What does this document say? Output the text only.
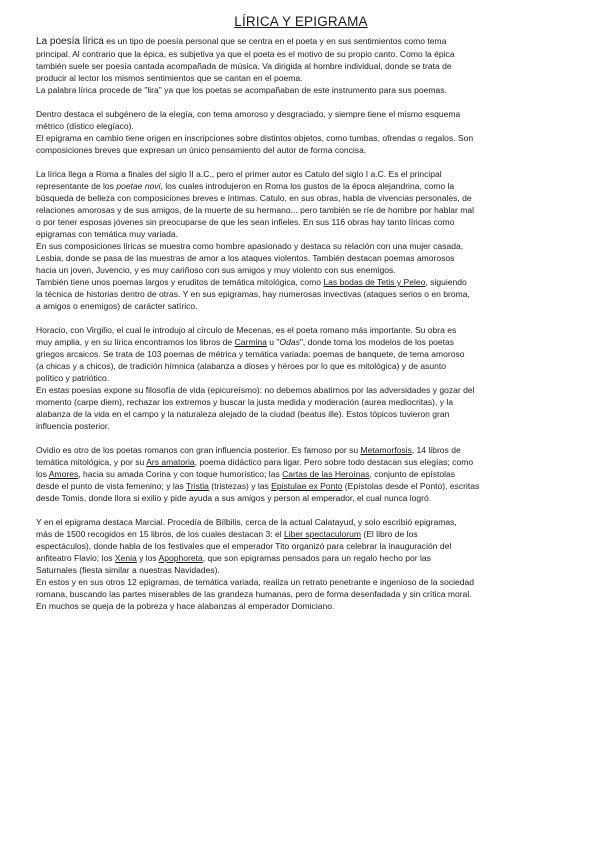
LÍRICA Y EPIGRAMA

La poesía lírica es un tipo de poesía personal que se centra en el poeta y en sus sentimientos como tema

principal. Al contrario que la épica, es subjetiva ya que el poeta es el motivo de su propio canto. Como la épica

también suele ser poesía cantada acompañada de música. Va dirigida al hombre individual, donde se trata de

producir al lector los mismos sentimientos que se cantan en el poema.

La palabra lírica procede de "lira" ya que los poetas se acompañaban de este instrumento para sus poemas.

Dentro destaca el subgénero de la elegía, con tema amoroso y desgraciado, y siempre tiene el mismo esquema

métrico (dístico elegíaco).

El epigrama en cambio tiene origen en inscripciones sobre distintos objetos, como tumbas, ofrendas o regalos. Son

composiciones breves que expresan un único pensamiento del autor de forma concisa.

La lírica llega a Roma a finales del siglo II a.C., pero el primer autor es Catulo del siglo I a.C. Es el principal

representante de los poetae novi, los cuales introdujeron en Roma los gustos de la época alejandrina, como la

búsqueda de belleza con composiciones breves e íntimas. Catulo, en sus obras, habla de vivencias personales, de

relaciones amorosas y de sus amigos, de la muerte de su hermano... pero también se ríe de hombre por hablar mal

o por tener esposas jóvenes sin preocuparse de que les sean infieles. En sus 116 obras hay tanto líricas como

epigramas con temática muy variada.

En sus composiciones líricas se muestra como hombre apasionado y destaca su relación con una mujer casada,

Lesbia, donde se pasa de las muestras de amor a los ataques violentos. También destacan poemas amorosos

hacia un joven, Juvencio, y es muy cariñoso con sus amigos y muy violento con sus enemigos.

También tiene unos poemas largos y eruditos de temática mitológica, como Las bodas de Tetis y Peleo, siguiendo

la técnica de historias dentro de otras. Y en sus epigramas, hay numerosas invectivas (ataques serios o en broma,

a amigos o enemigos) de carácter satírico.

Horacio, con Virgilio, el cual le introdujo al círculo de Mecenas, es el poeta romano más importante. Su obra es

muy amplia, y en su lírica encontramos los libros de Carmina u "Odas", donde toma los modelos de los poetas

griegos arcaicos. Se trata de 103 poemas de métrica y temática variada: poemas de banquete, de tema amoroso

(a chicas y a chicos), de tradición hímnica (alabanza a dioses y héroes por lo que es mitológica) y de asunto

político y patriótico.

En estas poesías expone su filosofía de vida (epicureísmo): no debemos abatirnos por las adversidades y gozar del

momento (carpe diem), rechazar los extremos y buscar la justa medida y moderación (aurea mediocritas), y la

alabanza de la vida en el campo y la naturaleza alejado de la ciudad (beatus ille). Estos tópicos tuvieron gran

influencia posterior.

Ovidio es otro de los poetas romanos con gran influencia posterior. Es famoso por su Metamorfosis, 14 libros de

temática mitológica, y por su Ars amatoria, poema didáctico para ligar. Pero sobre todo destacan sus elegías; como

los Amores, hacia su amada Corina y con toque humorístico; las Cartas de las Heroínas, conjunto de epístolas

desde el punto de vista femenino; y las Tristia (tristezas) y las Epistulae ex Ponto (Epístolas desde el Ponto), escritas

desde Tomis, donde llora si exilio y pide ayuda a sus amigos y person al emperador, el cual nunca logró.

Y en el epigrama destaca Marcial. Procedía de Bílbilis, cerca de la actual Calatayud, y solo escribió epigramas,

más de 1500 recogidos en 15 libros, de los cuales destacan 3: el Liber spectaculorum (El libro de los

espectáculos), donde habla de los festivales que el emperador Tito organizó para celebrar la inauguración del

anfiteatro Flavio; los Xenia y los Apophoreta, que son epigramas pensados para un regalo hecho por las

Saturnales (fiesta similar a nuestras Navidades).

En estos y en sus otros 12 epigramas, de temática variada, realiza un retrato penetrante e ingenioso de la sociedad

romana, buscando las partes miserables de las grandeza humanas, pero de forma desenfadada y sin crítica moral.

En muchos se queja de la pobreza y hace alabanzas al emperador Domiciano.
